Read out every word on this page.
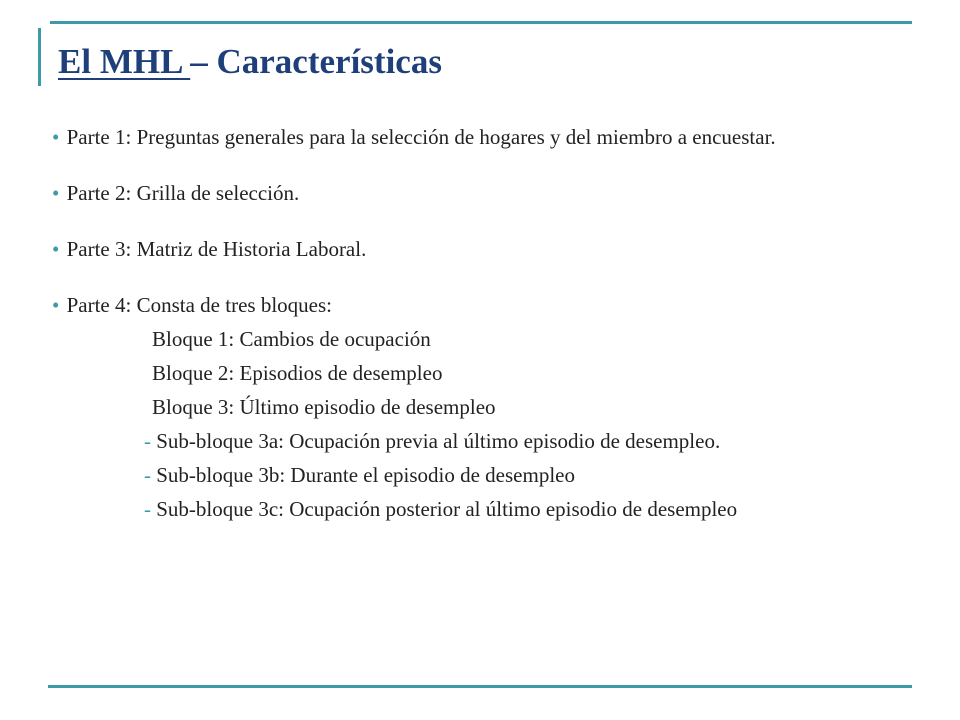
El MHL – Características

• Parte 1: Preguntas generales para la selección de hogares y del miembro a encuestar.

• Parte 2: Grilla de selección.

• Parte 3: Matriz de Historia Laboral.

• Parte 4: Consta de tres bloques:

Bloque 1: Cambios de ocupación
Bloque 2: Episodios de desempleo
Bloque 3: Último episodio de desempleo
- Sub-bloque 3a: Ocupación previa al último episodio de desempleo.
- Sub-bloque 3b: Durante el episodio de desempleo
- Sub-bloque 3c: Ocupación posterior al último episodio de desempleo
